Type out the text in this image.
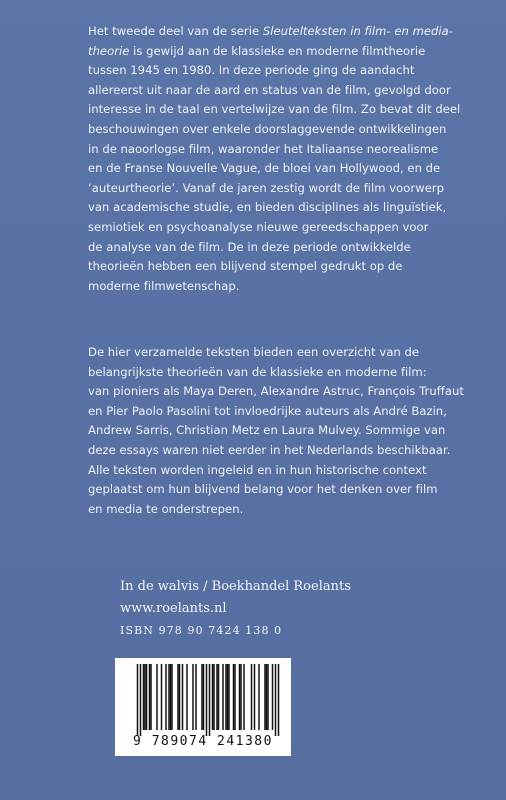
Het tweede deel van de serie Sleutelteksten in film- en media-
theorie is gewijd aan de klassieke en moderne filmtheorie
tussen 1945 en 1980. In deze periode ging de aandacht
allereerst uit naar de aard en status van de film, gevolgd door
interesse in de taal en vertelwijze van de film. Zo bevat dit deel
beschouwingen over enkele doorslaggevende ontwikkelingen
in de naoorlogse film, waaronder het Italiaanse neorealisme
en de Franse Nouvelle Vague, de bloei van Hollywood, en de
‘auteurtheorie’. Vanaf de jaren zestig wordt de film voorwerp
van academische studie, en bieden disciplines als linguïstiek,
semiotiek en psychoanalyse nieuwe gereedschappen voor
de analyse van de film. De in deze periode ontwikkelde
theorieën hebben een blijvend stempel gedrukt op de
moderne filmwetenschap.
De hier verzamelde teksten bieden een overzicht van de
belangrijkste theorieën van de klassieke en moderne film:
van pioniers als Maya Deren, Alexandre Astruc, François Truffaut
en Pier Paolo Pasolini tot invloedrijke auteurs als André Bazin,
Andrew Sarris, Christian Metz en Laura Mulvey. Sommige van
deze essays waren niet eerder in het Nederlands beschikbaar.
Alle teksten worden ingeleid en in hun historische context
geplaatst om hun blijvend belang voor het denken over film
en media te onderstrepen.
In de walvis / Boekhandel Roelants
www.roelants.nl
ISBN 978 90 7424 138 0
9 789074 241380
